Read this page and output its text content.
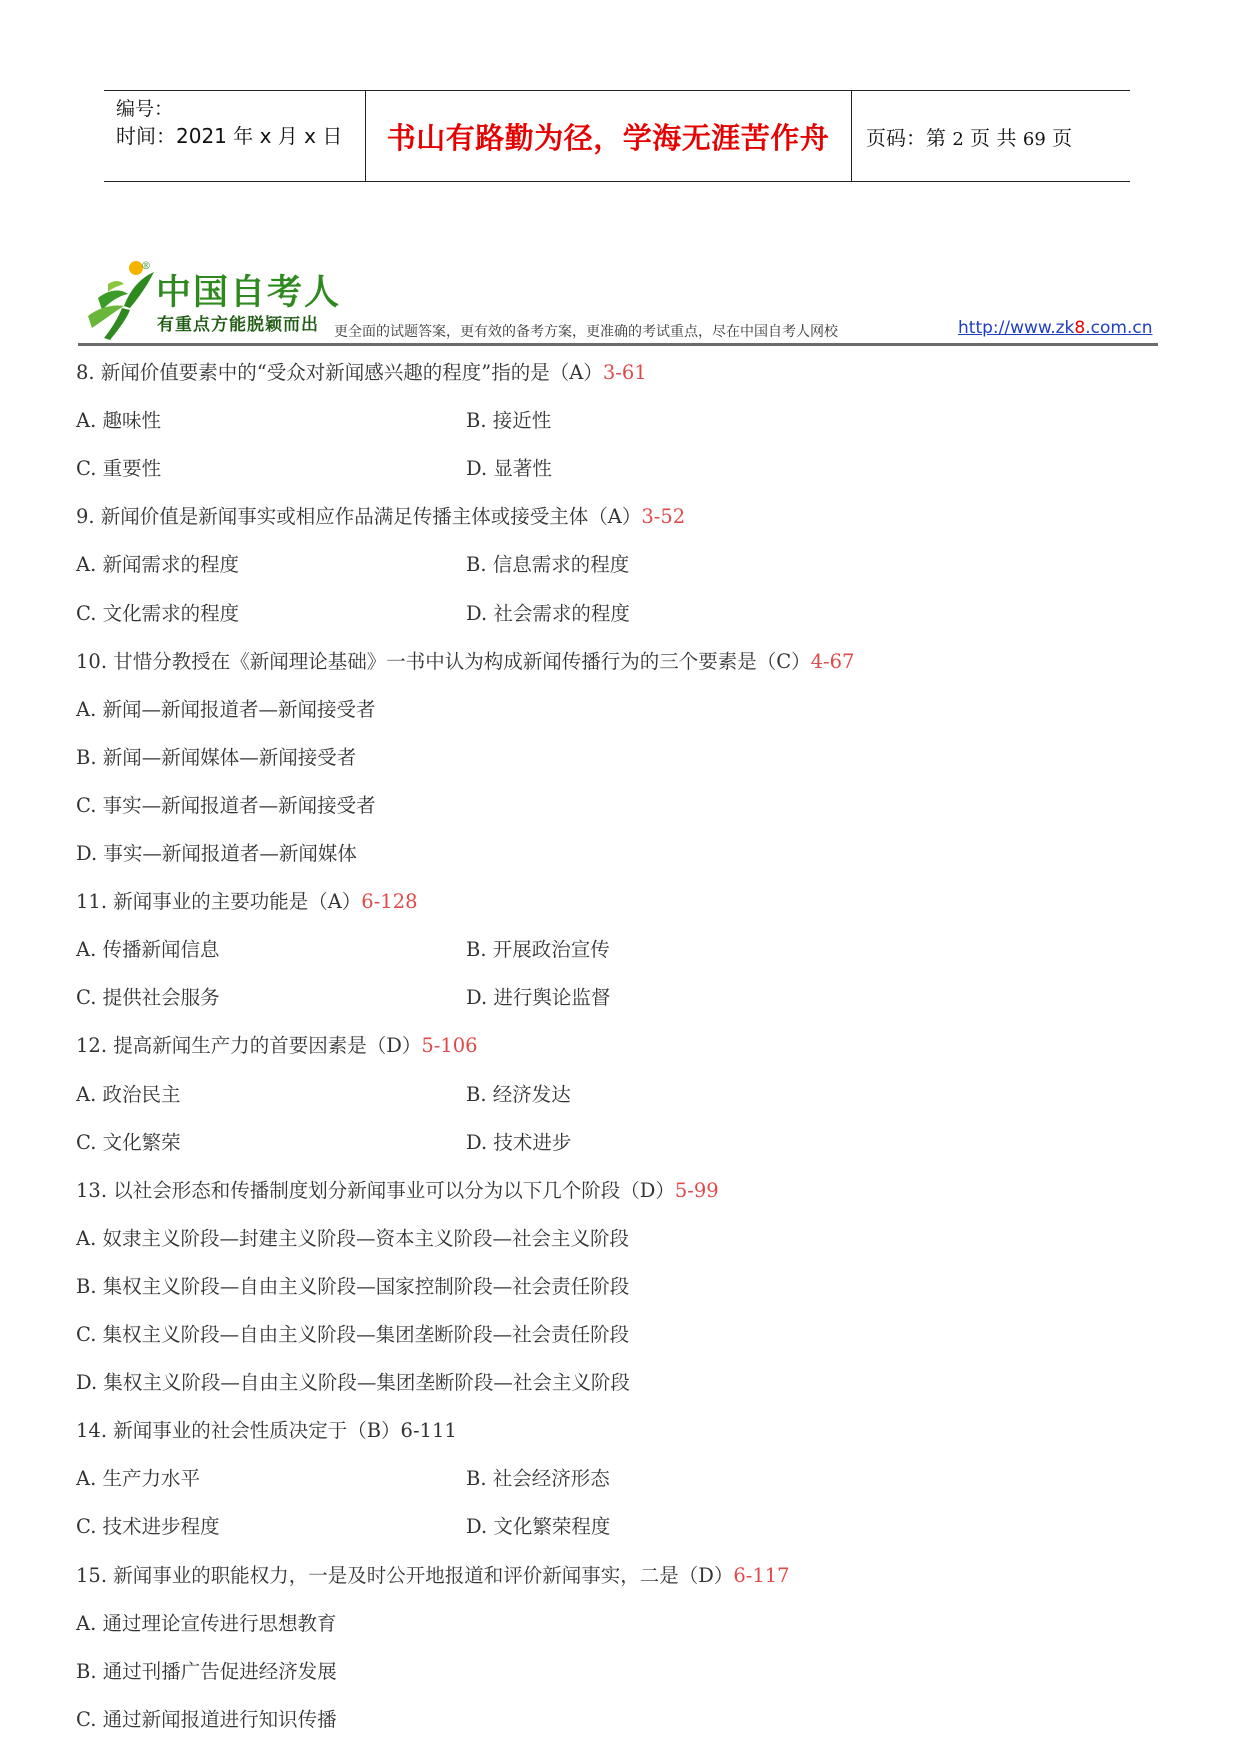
编号：
时间：2021 年 x 月 x 日	书山有路勤为径，学海无涯苦作舟	页码：第 2 页 共 69 页
®
中国自考人
有重点方能脱颖而出 更全面的试题答案，更有效的备考方案，更准确的考试重点，尽在中国自考人网校	http://www.zk8.com.cn
8. 新闻价值要素中的“受众对新闻感兴趣的程度”指的是（A）3-61
A. 趣味性	B. 接近性
C. 重要性	D. 显著性
9. 新闻价值是新闻事实或相应作品满足传播主体或接受主体（A）3-52
A. 新闻需求的程度	B. 信息需求的程度
C. 文化需求的程度	D. 社会需求的程度
10. 甘惜分教授在《新闻理论基础》一书中认为构成新闻传播行为的三个要素是（C）4-67
A. 新闻—新闻报道者—新闻接受者
B. 新闻—新闻媒体—新闻接受者
C. 事实—新闻报道者—新闻接受者
D. 事实—新闻报道者—新闻媒体
11. 新闻事业的主要功能是（A）6-128
A. 传播新闻信息	B. 开展政治宣传
C. 提供社会服务	D. 进行舆论监督
12. 提高新闻生产力的首要因素是（D）5-106
A. 政治民主	B. 经济发达
C. 文化繁荣	D. 技术进步
13. 以社会形态和传播制度划分新闻事业可以分为以下几个阶段（D）5-99
A. 奴隶主义阶段—封建主义阶段—资本主义阶段—社会主义阶段
B. 集权主义阶段—自由主义阶段—国家控制阶段—社会责任阶段
C. 集权主义阶段—自由主义阶段—集团垄断阶段—社会责任阶段
D. 集权主义阶段—自由主义阶段—集团垄断阶段—社会主义阶段
14. 新闻事业的社会性质决定于（B）6-111
A. 生产力水平	B. 社会经济形态
C. 技术进步程度	D. 文化繁荣程度
15. 新闻事业的职能权力，一是及时公开地报道和评价新闻事实，二是（D）6-117
A. 通过理论宣传进行思想教育
B. 通过刊播广告促进经济发展
C. 通过新闻报道进行知识传播
